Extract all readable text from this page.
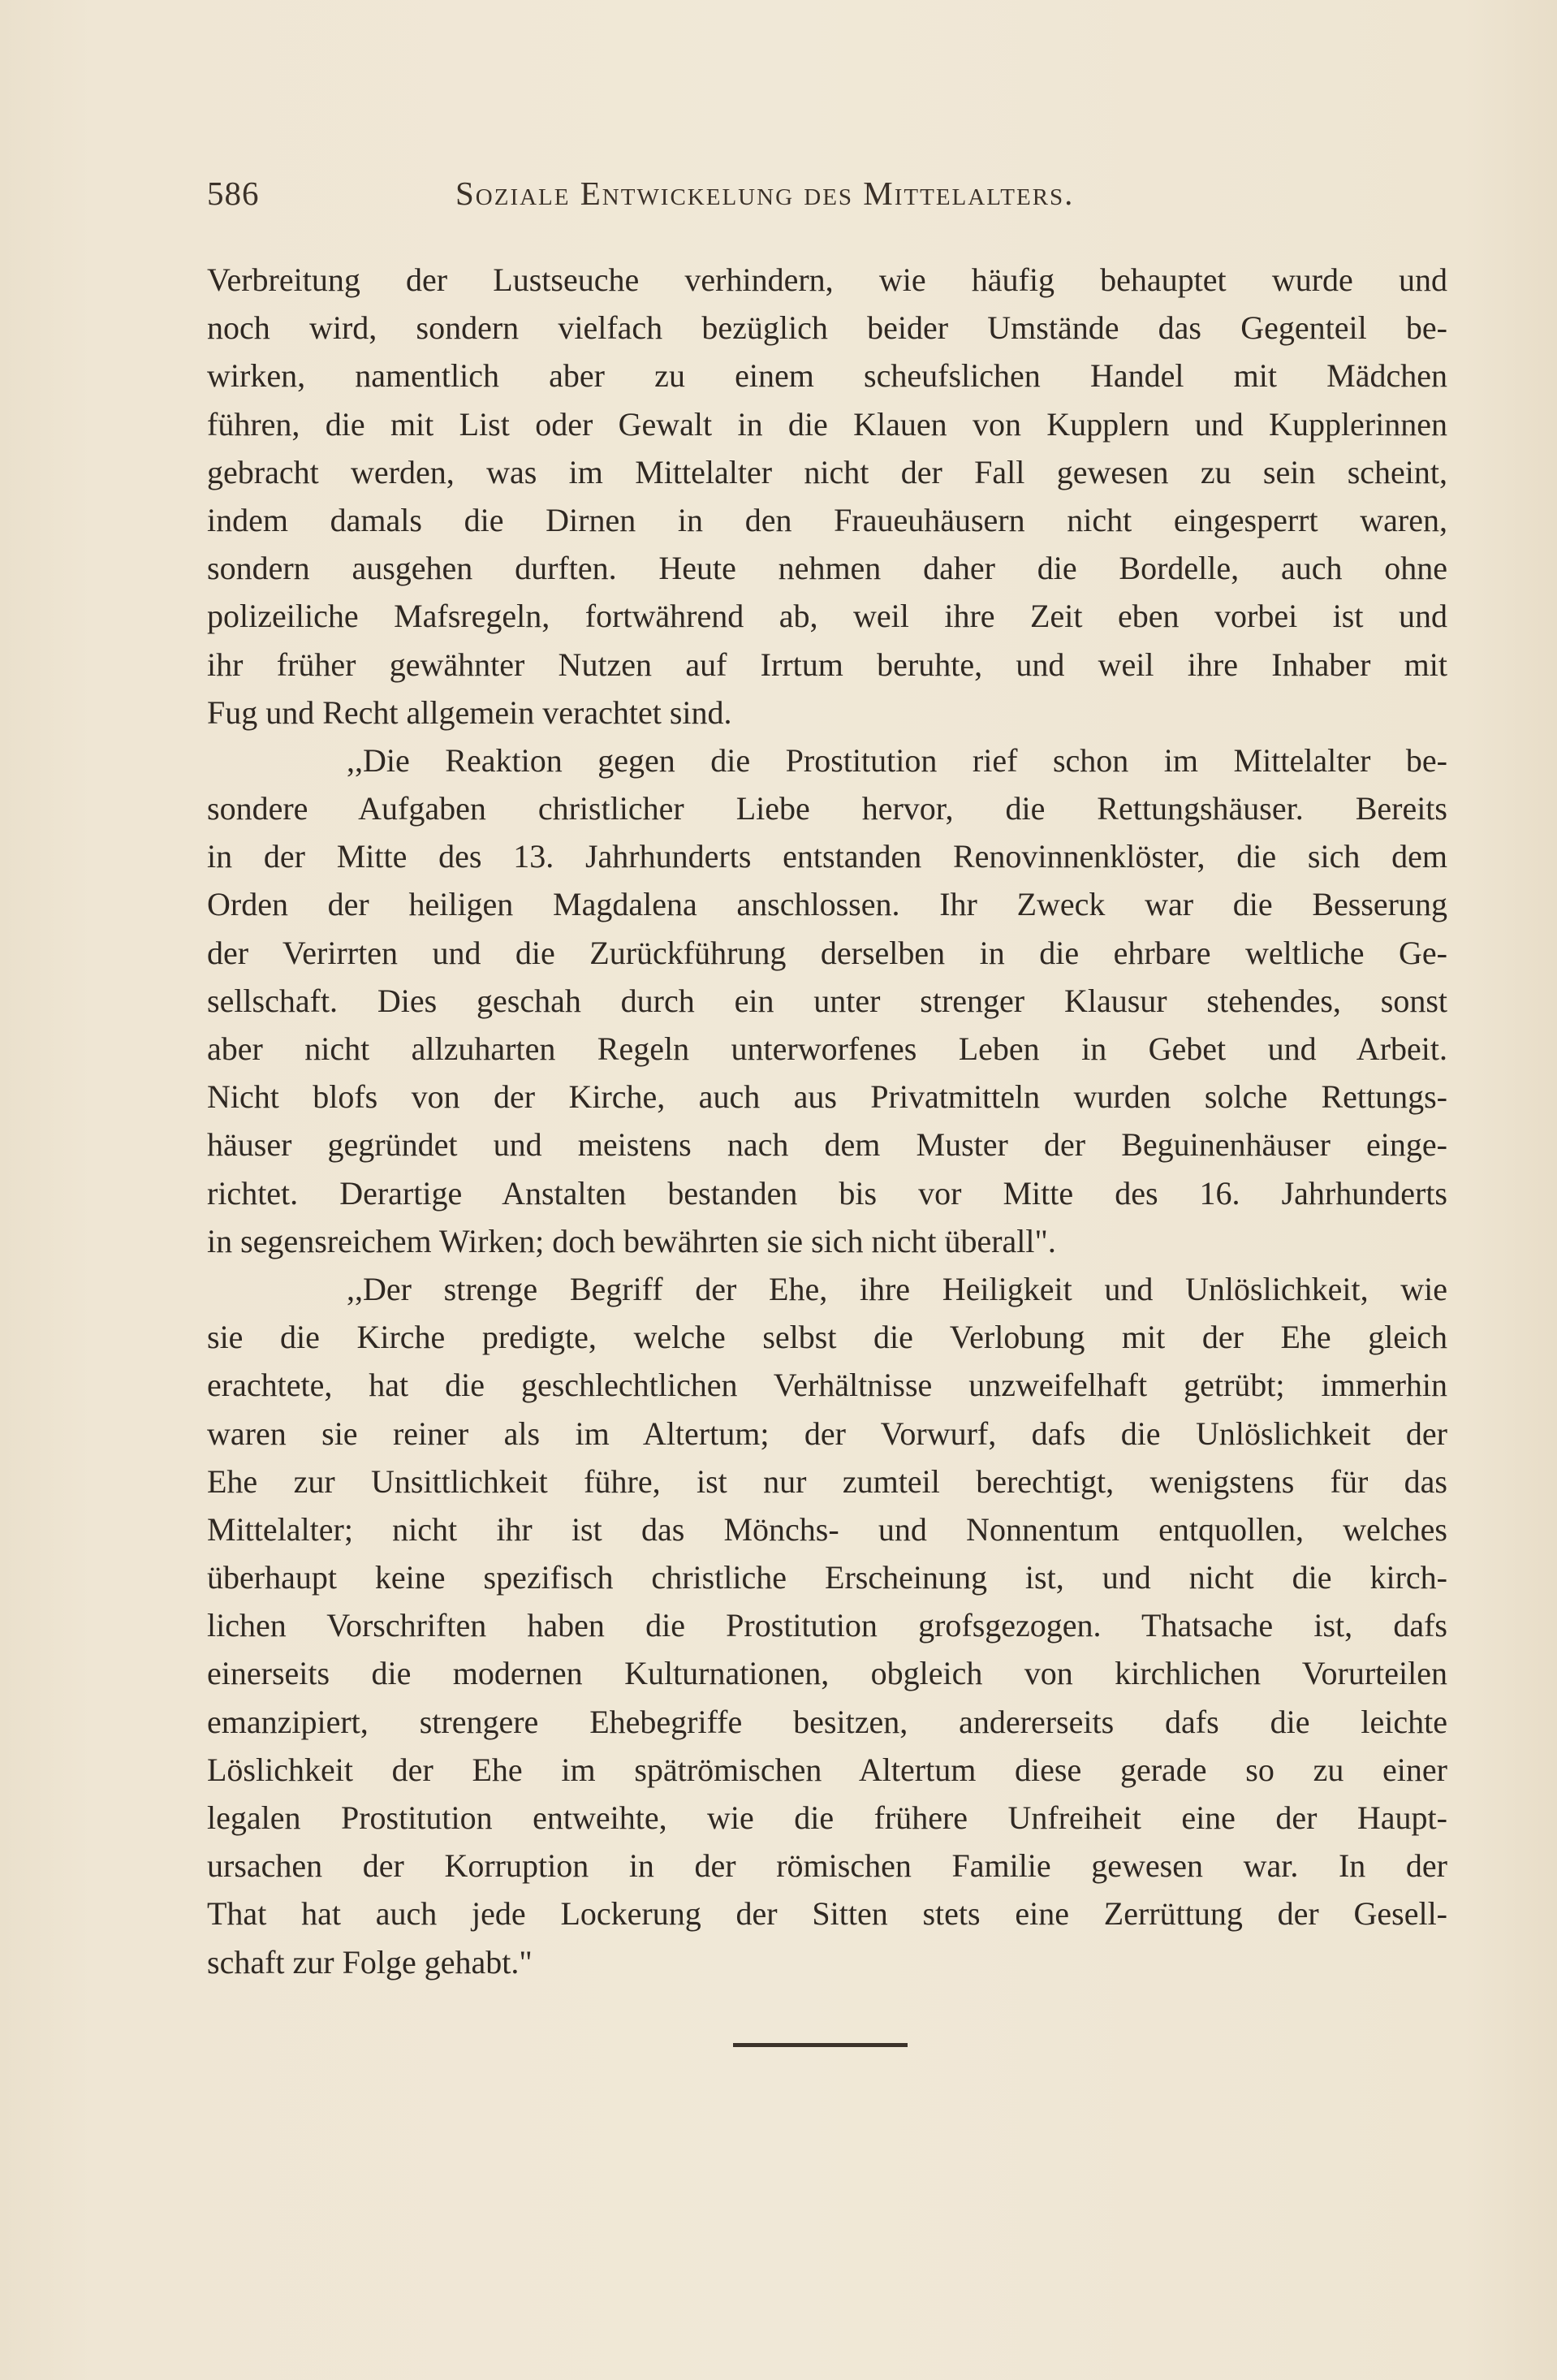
586	Soziale Entwickelung des Mittelalters.
Verbreitung der Lustseuche verhindern, wie häufig behauptet wurde und
noch wird, sondern vielfach bezüglich beider Umstände das Gegenteil be-
wirken, namentlich aber zu einem scheufslichen Handel mit Mädchen
führen, die mit List oder Gewalt in die Klauen von Kupplern und Kupplerinnen
gebracht werden, was im Mittelalter nicht der Fall gewesen zu sein scheint,
indem damals die Dirnen in den Fraueuhäusern nicht eingesperrt waren,
sondern ausgehen durften. Heute nehmen daher die Bordelle, auch ohne
polizeiliche Mafsregeln, fortwährend ab, weil ihre Zeit eben vorbei ist und
ihr früher gewähnter Nutzen auf Irrtum beruhte, und weil ihre Inhaber mit
Fug und Recht allgemein verachtet sind.
,,Die Reaktion gegen die Prostitution rief schon im Mittelalter be-
sondere Aufgaben christlicher Liebe hervor, die Rettungshäuser. Bereits
in der Mitte des 13. Jahrhunderts entstanden Renovinnenklöster, die sich dem
Orden der heiligen Magdalena anschlossen. Ihr Zweck war die Besserung
der Verirrten und die Zurückführung derselben in die ehrbare weltliche Ge-
sellschaft. Dies geschah durch ein unter strenger Klausur stehendes, sonst
aber nicht allzuharten Regeln unterworfenes Leben in Gebet und Arbeit.
Nicht blofs von der Kirche, auch aus Privatmitteln wurden solche Rettungs-
häuser gegründet und meistens nach dem Muster der Beguinenhäuser einge-
richtet. Derartige Anstalten bestanden bis vor Mitte des 16. Jahrhunderts
in segensreichem Wirken; doch bewährten sie sich nicht überall".
,,Der strenge Begriff der Ehe, ihre Heiligkeit und Unlöslichkeit, wie
sie die Kirche predigte, welche selbst die Verlobung mit der Ehe gleich
erachtete, hat die geschlechtlichen Verhältnisse unzweifelhaft getrübt; immerhin
waren sie reiner als im Altertum; der Vorwurf, dafs die Unlöslichkeit der
Ehe zur Unsittlichkeit führe, ist nur zumteil berechtigt, wenigstens für das
Mittelalter; nicht ihr ist das Mönchs- und Nonnentum entquollen, welches
überhaupt keine spezifisch christliche Erscheinung ist, und nicht die kirch-
lichen Vorschriften haben die Prostitution grofsgezogen. Thatsache ist, dafs
einerseits die modernen Kulturnationen, obgleich von kirchlichen Vorurteilen
emanzipiert, strengere Ehebegriffe besitzen, andererseits dafs die leichte
Löslichkeit der Ehe im spätrömischen Altertum diese gerade so zu einer
legalen Prostitution entweihte, wie die frühere Unfreiheit eine der Haupt-
ursachen der Korruption in der römischen Familie gewesen war. In der
That hat auch jede Lockerung der Sitten stets eine Zerrüttung der Gesell-
schaft zur Folge gehabt."
